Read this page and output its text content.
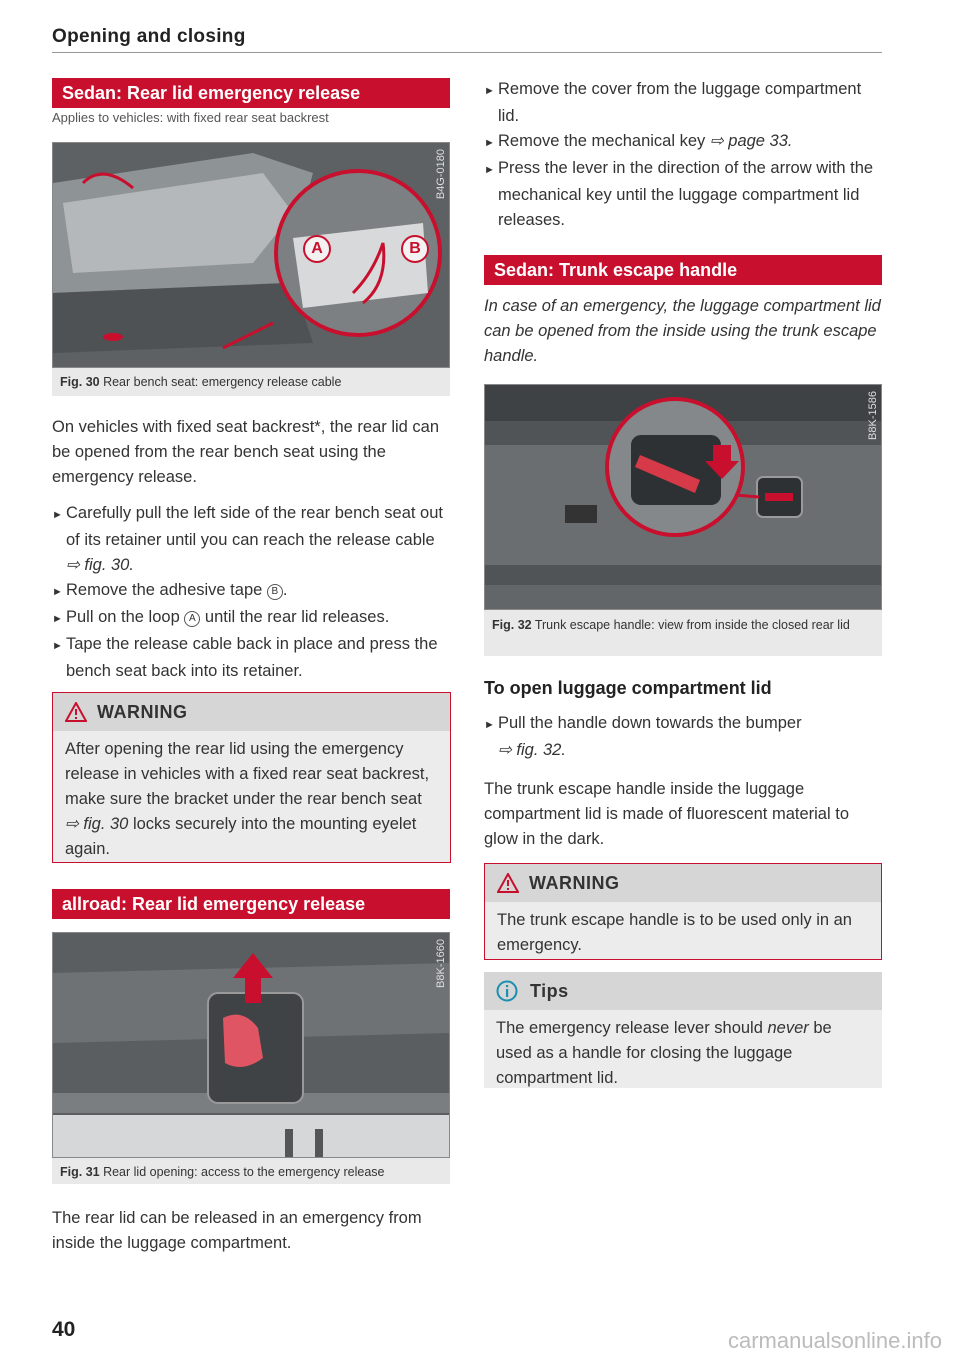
Opening and closing
Sedan: Rear lid emergency release
Applies to vehicles: with fixed rear seat backrest
A	B
B4G-0180
Fig. 30 Rear bench seat: emergency release cable
On vehicles with fixed seat backrest*, the rear lid can be opened from the rear bench seat using the emergency release.
► Carefully pull the left side of the rear bench seat out of its retainer until you can reach the release cable ⇨ fig. 30.
► Remove the adhesive tape B .
► Pull on the loop A until the rear lid releases.
► Tape the release cable back in place and press the bench seat back into its retainer.
WARNING
After opening the rear lid using the emergency release in vehicles with a fixed rear seat backrest, make sure the bracket under the rear bench seat ⇨ fig. 30 locks securely into the mounting eyelet again.
allroad: Rear lid emergency release
B8K-1660
Fig. 31 Rear lid opening: access to the emergency release
The rear lid can be released in an emergency from inside the luggage compartment.
► Remove the cover from the luggage compartment lid.
► Remove the mechanical key ⇨ page 33.
► Press the lever in the direction of the arrow with the mechanical key until the luggage compartment lid releases.
Sedan: Trunk escape handle
In case of an emergency, the luggage compartment lid can be opened from the inside using the trunk escape handle.
B8K-1586
Fig. 32 Trunk escape handle: view from inside the closed rear lid
To open luggage compartment lid
► Pull the handle down towards the bumper
⇨ fig. 32.
The trunk escape handle inside the luggage compartment lid is made of fluorescent material to glow in the dark.
WARNING
The trunk escape handle is to be used only in an emergency.
Tips
The emergency release lever should never be used as a handle for closing the luggage compartment lid.
40	carmanualsonline.info
